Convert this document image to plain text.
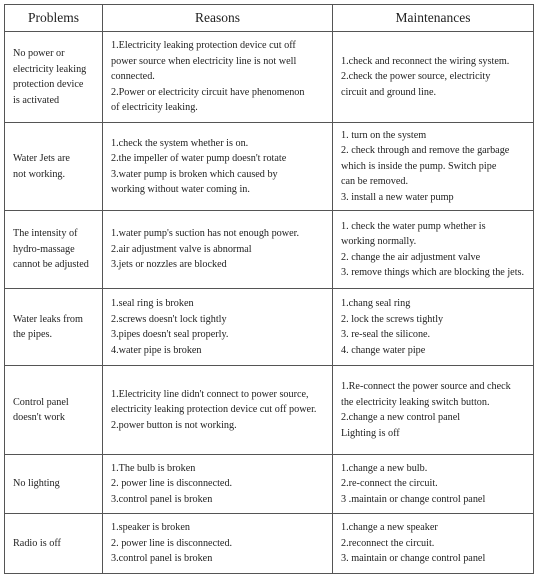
Problems	Reasons	Maintenances

No power or
electricity leaking
protection device
is activated	1.Electricity leaking protection device cut off
power source when electricity line is not well
connected.
2.Power or electricity circuit have phenomenon
of electricity leaking.	1.check and reconnect the wiring system.
2.check the power source, electricity
circuit and ground line.

Water Jets are
not working.	1.check the system whether is on.
2.the impeller of water pump doesn't rotate
3.water pump is broken which caused by
working without water coming in.	1. turn on the system
2. check through and remove the garbage
which is inside the pump. Switch pipe
can be removed.
3. install a new water pump

The intensity of
hydro-massage
cannot be adjusted	1.water pump's suction has not enough power.
2.air adjustment valve is abnormal
3.jets or nozzles are blocked	1. check the water pump whether is
working normally.
2. change the air adjustment valve
3. remove things which are blocking the jets.

Water leaks from
the pipes.	1.seal ring is broken
2.screws doesn't lock tightly
3.pipes doesn't seal properly.
4.water pipe is broken	1.chang seal ring
2. lock the screws tightly
3. re-seal the silicone.
4. change water pipe

Control panel
doesn't work	1.Electricity line didn't connect to power source,
electricity leaking protection device cut off power.
2.power button is not working.	1.Re-connect the power source and check
the electricity leaking switch button.
2.change a new control panel
Lighting is off

No lighting	1.The bulb is broken
2. power line is disconnected.
3.control panel is broken	1.change a new bulb.
2.re-connect the circuit.
3 .maintain or change control panel

Radio is off	1.speaker is broken
2. power line is disconnected.
3.control panel is broken	1.change a new speaker
2.reconnect the circuit.
3. maintain or change control panel
